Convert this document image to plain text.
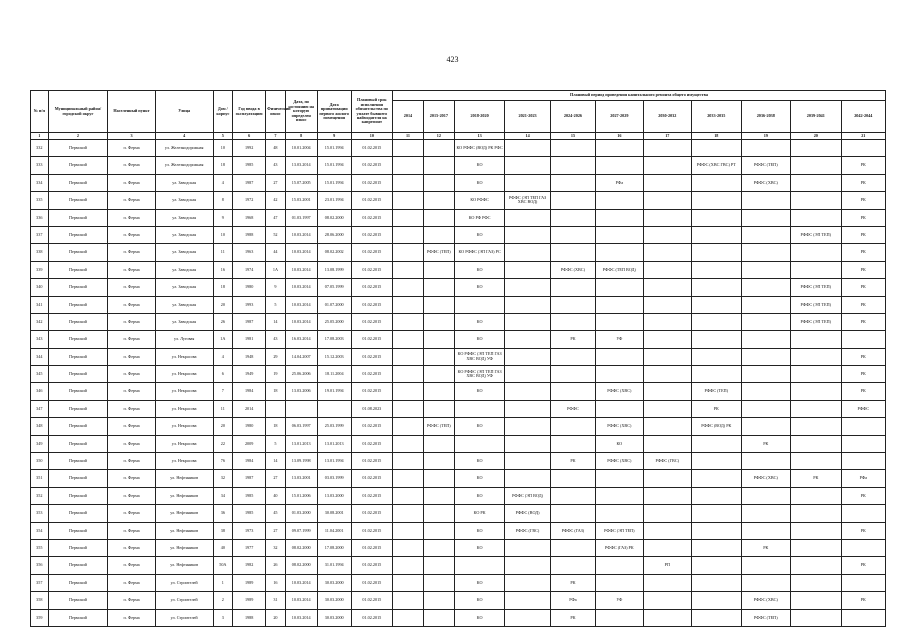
423
№ п/п	Муниципальный район/городской округ	Населенный пункт	Улица	Дом / корпус	Год ввода в эксплуатацию	Физический износ	Дата, по состоянию на которую определен износ	Дата приватизации первого жилого помещения	Плановый срок исполнения обязательства по уплате бывшего наймодателя на капремонт	Плановый период проведения капитального ремонта общего имущества										
										2014	2015-2017	2018-2020	2021-2023	2024-2026	2027-2029	2030-2032	2033-2035	2036-2038	2039-2041	2042-2044
1	2	3	4	5	6	7	8	9	10	11	12	13	14	15	16	17	18	19	20	21
332	Пермский	п. Ферма	ул. Железнодорожная	10	1992	48	10.01.2004	15.01.1994	01.02.2015			КО РФФС (ВОД) РК РФС								
333	Пермский	п. Ферма	ул. Железнодорожная	18	1985	43	13.03.2014	15.01.1994	01.02.2015			КО					РФФС (ХВС ГВС) РТ	РФФС (ТЕП)		РК
334	Пермский	п. Ферма	ул. Заводская	4	1987	27	15.07.2005	15.01.1994	01.02.2015			КО			РФа			РФФС (ХВС)		РК
335	Пермский	п. Ферма	ул. Заводская	8	1972	42	15.03.2001	23.01.1994	01.02.2015			КО РФФС	РФФС (ЭП ТЕП ГАЗ ХВС ВОД)							РК
336	Пермский	п. Ферма	ул. Заводская	9	1968	47	01.03.1997	08.02.2000	01.02.2015			КО РФ РФС								РК
337	Пермский	п. Ферма	ул. Заводская	10	1988	52	10.03.2014	28.06.2000	01.02.2015			КО							РФФС (ЭП ТЕП)	РК
338	Пермский	п. Ферма	ул. Заводская	11	1963	44	10.03.2014	08.02.2002	01.02.2015		РФФС (ТЕП)	КО РФФС (ЭП ГАЗ) РС								РК
339	Пермский	п. Ферма	ул. Заводская	16	1974	1А	10.03.2014	13.08.1999	01.02.2015			КО		РФФС (ХВС)	РФФС (ТЕП ВОД)					РК
340	Пермский	п. Ферма	ул. Заводская	18	1980	9	10.03.2014	07.05.1999	01.02.2015			КО							РФФС (ЭП ТЕП)	РК
341	Пермский	п. Ферма	ул. Заводская	20	1993	5	10.03.2014	01.07.2000	01.02.2015										РФФС (ЭП ТЕП)	РК
342	Пермский	п. Ферма	ул. Заводская	26	1987	14	10.03.2014	25.05.2000	01.02.2015			КО							РФФС (ЭП ТЕП)	РК
343	Пермский	п. Ферма	ул. Луговая	1А	1981	43	16.03.2014	17.08.2003	01.02.2015			КО		РК	УФ					
344	Пермский	п. Ферма	ул. Некрасова	4	1948	29	14.04.2007	15.12.2003	01.02.2015			КО РФФС (ЭП ТЕП ГАЗ ХВС ВОД) УФ								РК
345	Пермский	п. Ферма	ул. Некрасова	6	1949	19	25.06.2006	18.11.2004	01.02.2015			КО РФФС (ЭП ТЕП ГАЗ ХВС ВОД) УФ								РК
346	Пермский	п. Ферма	ул. Некрасова	7	1984	18	13.03.2006	19.01.1994	01.02.2015			КО			РФФС (ХВС)		РФФС (ТЕП)			РК
347	Пермский	п. Ферма	ул. Некрасова	11	2014				01.08.2023					РФФС			РК			РФФС
348	Пермский	п. Ферма	ул. Некрасова	20	1980	18	06.03.1997	25.03.1999	01.02.2015		РФФС (ТЕП)	КО			РФФС (ХВС)		РФФС (ВОД) РК			
349	Пермский	п. Ферма	ул. Некрасова	22	2009	5	13.01.2013	13.01.2013	01.02.2015						КО			РК		
350	Пермский	п. Ферма	ул. Некрасова	76	1984	14	13.09.1998	13.01.1994	01.02.2015			КО		РК	РФФС (ХВС)	РФФС (ГВС)				
351	Пермский	п. Ферма	ул. Нефтяников	32	1987	27	13.03.2001	03.03.1999	01.02.2015			КО						РФФС (ХВС)	РК	РФа
352	Пермский	п. Ферма	ул. Нефтяников	34	1985	40	15.01.2006	13.03.2000	01.02.2015			КО	РФФС (ЭП ВОД)							РК
353	Пермский	п. Ферма	ул. Нефтяников	36	1985	45	01.03.2000	30.08.2001	01.02.2015			КО РК	РФФС (ВОД)							
354	Пермский	п. Ферма	ул. Нефтяников	38	1973	27	09.07.1999	11.04.2001	01.02.2015			КО	РФФС (ГВС)	РФФС (ГАЗ)	РФФС (ЭП ТЕП)					РК
355	Пермский	п. Ферма	ул. Нефтяников	40	1977	32	08.02.2000	17.08.2000	01.02.2015			КО			РФФС (ГАЗ) РК			РК		
356	Пермский	п. Ферма	ул. Нефтяников	50А	1982	26	08.02.2000	31.01.1994	01.02.2015							РП				РК
357	Пермский	п. Ферма	ул. Строителей	1	1989	16	10.03.2014	30.03.2000	01.02.2015			КО		РК						
358	Пермский	п. Ферма	ул. Строителей	2	1989	31	10.03.2014	30.03.2000	01.02.2015			КО		РФа	УФ			РФФС (ХВС)		РК
359	Пермский	п. Ферма	ул. Строителей	3	1988	20	10.03.2014	30.03.2000	01.02.2015			КО		РК				РФФС (ТЕП)		
